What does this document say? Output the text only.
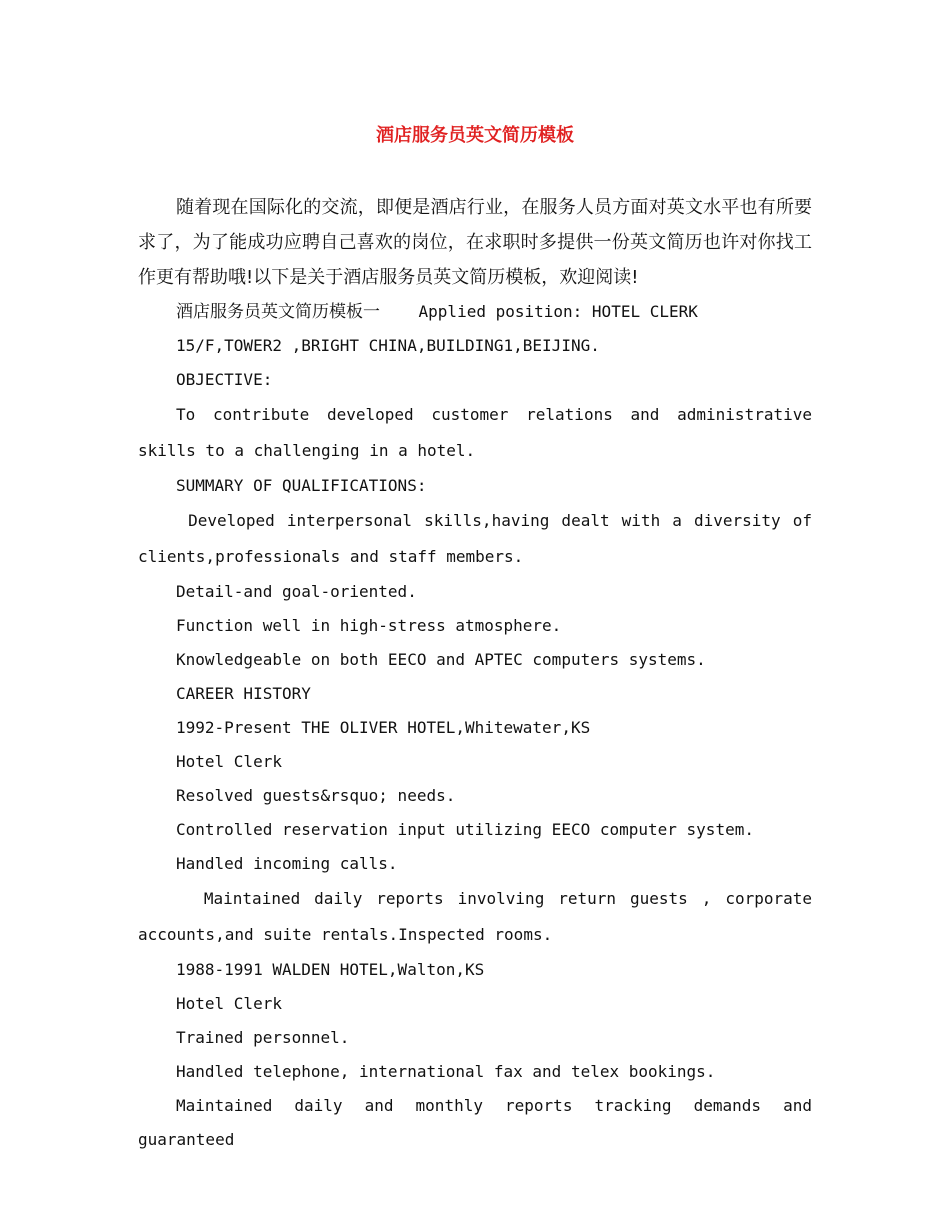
酒店服务员英文简历模板

随着现在国际化的交流，即便是酒店行业，在服务人员方面对英文水平也有所要求了，为了能成功应聘自己喜欢的岗位，在求职时多提供一份英文简历也许对你找工作更有帮助哦!以下是关于酒店服务员英文简历模板，欢迎阅读!

酒店服务员英文简历模板一    Applied position: HOTEL CLERK

15/F,TOWER2 ,BRIGHT CHINA,BUILDING1,BEIJING.

OBJECTIVE:

To contribute developed customer relations and administrative skills to a challenging in a hotel.

SUMMARY OF QUALIFICATIONS:

Developed interpersonal skills,having dealt with a diversity of clients,professionals and staff members.

Detail-and goal-oriented.

Function well in high-stress atmosphere.

Knowledgeable on both EECO and APTEC computers systems.

CAREER HISTORY

1992-Present THE OLIVER HOTEL,Whitewater,KS

Hotel Clerk

Resolved guests&rsquo; needs.

Controlled reservation input utilizing EECO computer system.

Handled incoming calls.

Maintained daily reports involving return guests , corporate accounts,and suite rentals.Inspected rooms.

1988-1991 WALDEN HOTEL,Walton,KS

Hotel Clerk

Trained personnel.

Handled telephone, international fax and telex bookings.

Maintained daily and monthly reports tracking demands and guaranteed
